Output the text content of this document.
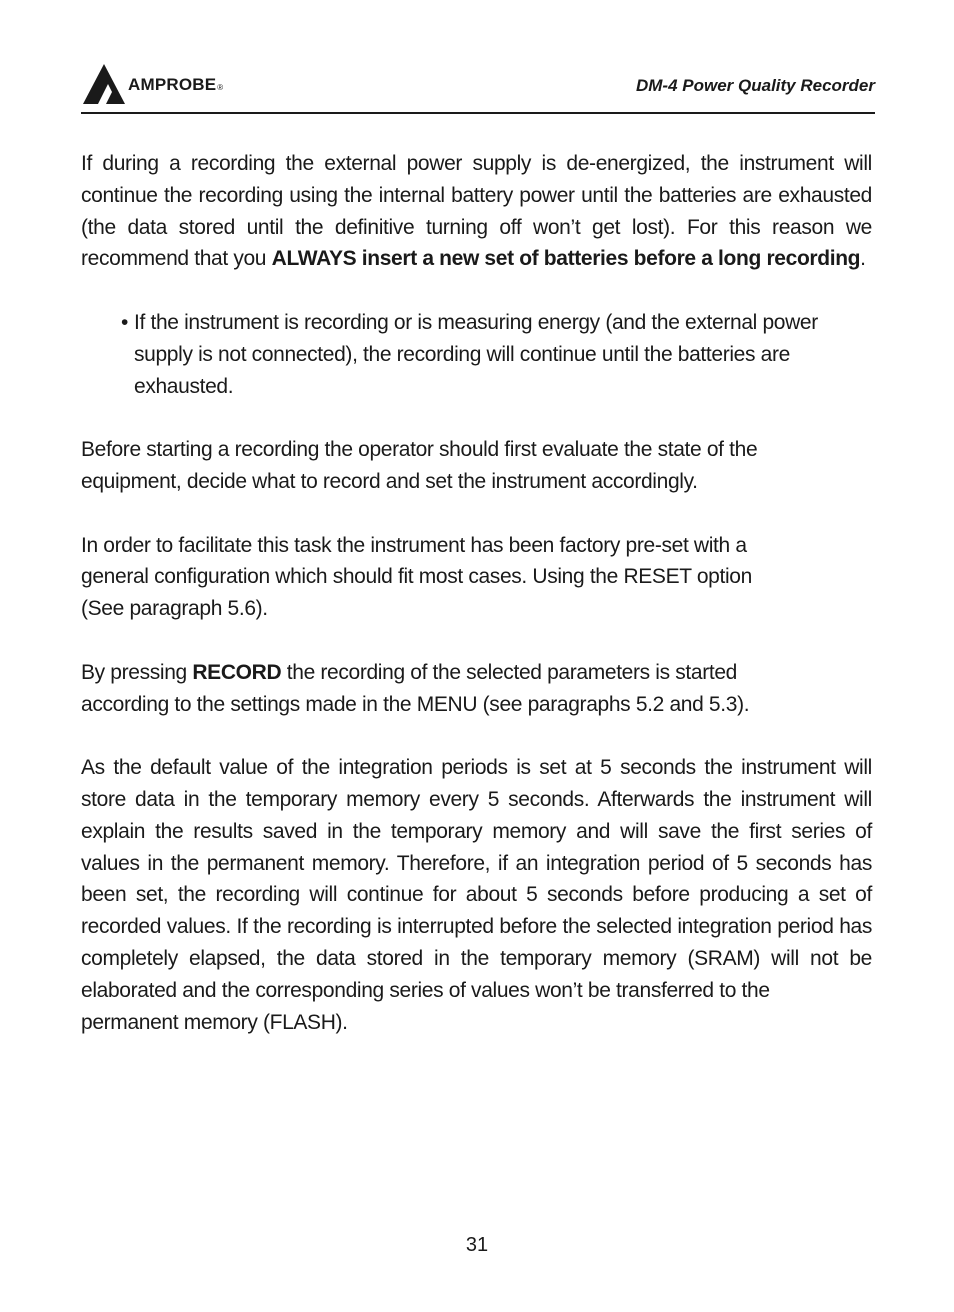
AMPROBE®	DM-4 Power Quality Recorder

If during a recording the external power supply is de-energized, the instrument will continue the recording using the internal battery power until the batteries are exhausted (the data stored until the definitive turning off won’t get lost). For this reason we recommend that you ALWAYS insert a new set of batteries before a long recording.

• If the instrument is recording or is measuring energy (and the external power supply is not connected), the recording will continue until the batteries are exhausted.

Before starting a recording the operator should first evaluate the state of the
equipment, decide what to record and set the instrument accordingly.

In order to facilitate this task the instrument has been factory pre-set with a
general configuration which should fit most cases. Using the RESET option
(See paragraph 5.6).

By pressing RECORD the recording of the selected parameters is started
according to the settings made in the MENU (see paragraphs 5.2 and 5.3).

As the default value of the integration periods is set at 5 seconds the instrument will store data in the temporary memory every 5 seconds. Afterwards the instrument will explain the results saved in the temporary memory and will save the first series of values in the permanent memory. Therefore, if an integration period of 5 seconds has been set, the recording will continue for about 5 seconds before producing a set of recorded values. If the recording is interrupted before the selected integration period has completely elapsed, the data stored in the temporary memory (SRAM) will not be
elaborated and the corresponding series of values won’t be transferred to the
permanent memory (FLASH).

31
